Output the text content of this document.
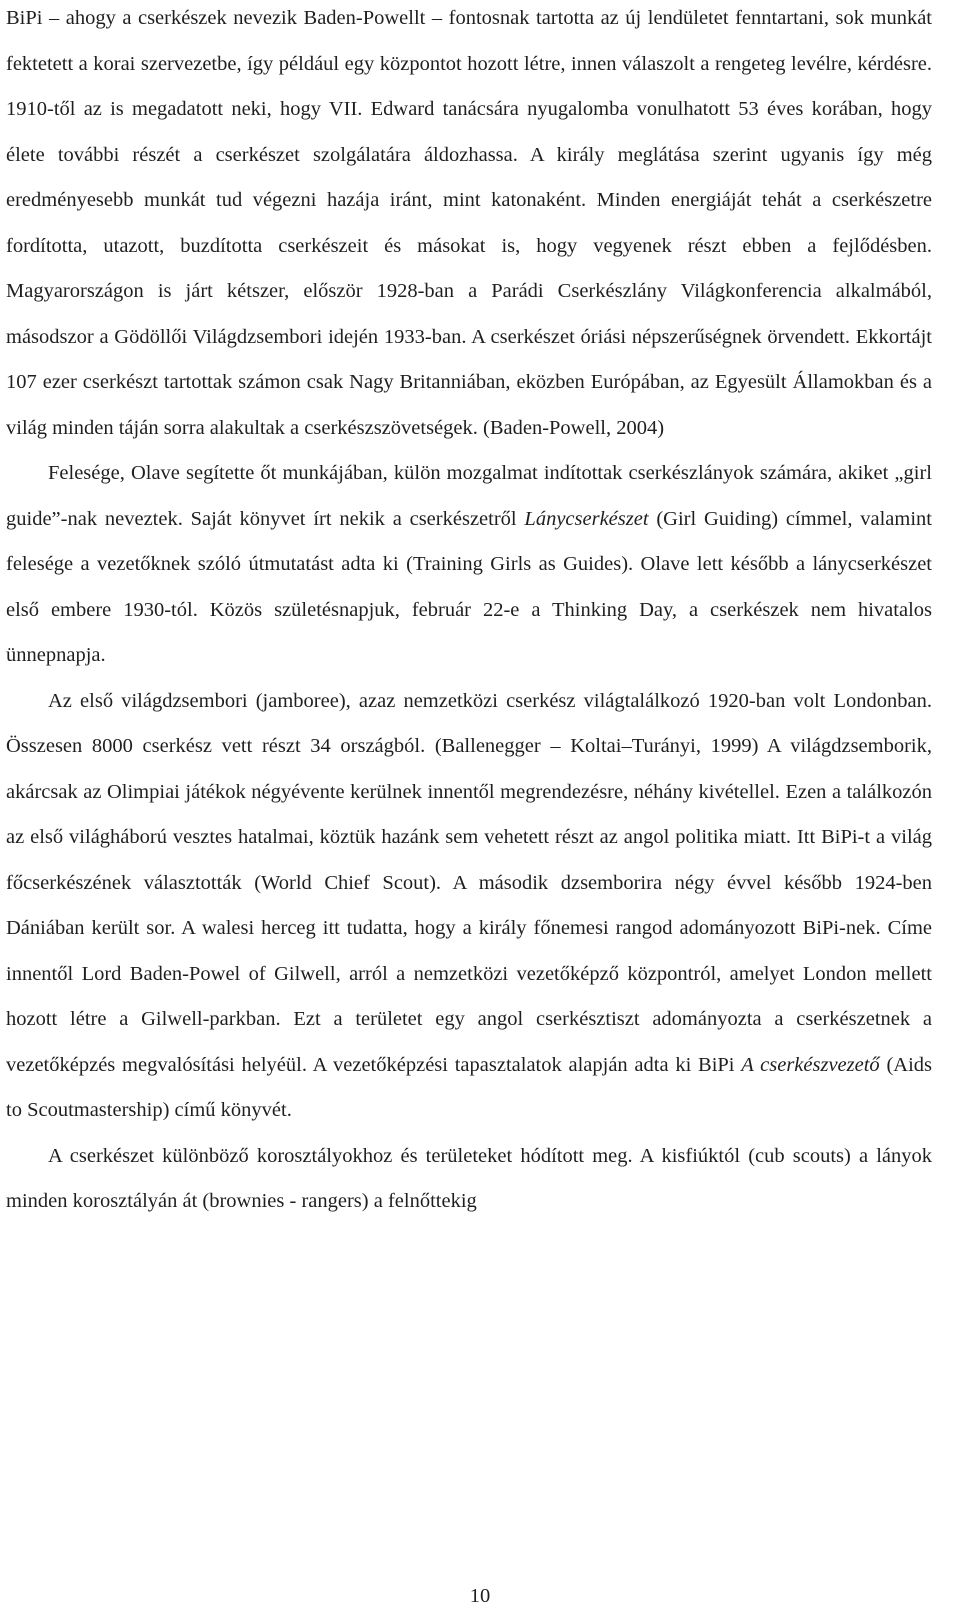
BiPi – ahogy a cserkészek nevezik Baden-Powellt – fontosnak tartotta az új lendületet fenntartani, sok munkát fektetett a korai szervezetbe, így például egy központot hozott létre, innen válaszolt a rengeteg levélre, kérdésre. 1910-től az is megadatott neki, hogy VII. Edward tanácsára nyugalomba vonulhatott 53 éves korában, hogy élete további részét a cserkészet szolgálatára áldozhassa. A király meglátása szerint ugyanis így még eredményesebb munkát tud végezni hazája iránt, mint katonaként. Minden energiáját tehát a cserkészetre fordította, utazott, buzdította cserkészeit és másokat is, hogy vegyenek részt ebben a fejlődésben. Magyarországon is járt kétszer, először 1928-ban a Parádi Cserkészlány Világkonferencia alkalmából, másodszor a Gödöllői Világdzsembori idején 1933-ban. A cserkészet óriási népszerűségnek örvendett. Ekkortájt 107 ezer cserkészt tartottak számon csak Nagy Britanniában, eközben Európában, az Egyesült Államokban és a világ minden táján sorra alakultak a cserkészszövetségek. (Baden-Powell, 2004)

Felesége, Olave segítette őt munkájában, külön mozgalmat indítottak cserkészlányok számára, akiket „girl guide”-nak neveztek. Saját könyvet írt nekik a cserkészetről Lánycserkészet (Girl Guiding) címmel, valamint felesége a vezetőknek szóló útmutatást adta ki (Training Girls as Guides). Olave lett később a lánycserkészet első embere 1930-tól. Közös születésnapjuk, február 22-e a Thinking Day, a cserkészek nem hivatalos ünnepnapja.

Az első világdzsembori (jamboree), azaz nemzetközi cserkész világtalálkozó 1920-ban volt Londonban. Összesen 8000 cserkész vett részt 34 országból. (Ballenegger – Koltai–Turányi, 1999) A világdzsemborik, akárcsak az Olimpiai játékok négyévente kerülnek innentől megrendezésre, néhány kivétellel. Ezen a találkozón az első világháború vesztes hatalmai, köztük hazánk sem vehetett részt az angol politika miatt. Itt BiPi-t a világ főcserkészének választották (World Chief Scout). A második dzsemborira négy évvel később 1924-ben Dániában került sor. A walesi herceg itt tudatta, hogy a király főnemesi rangod adományozott BiPi-nek. Címe innentől Lord Baden-Powel of Gilwell, arról a nemzetközi vezetőképző központról, amelyet London mellett hozott létre a Gilwell-parkban. Ezt a területet egy angol cserkésztiszt adományozta a cserkészetnek a vezetőképzés megvalósítási helyéül. A vezetőképzési tapasztalatok alapján adta ki BiPi A cserkészvezető (Aids to Scoutmastership) című könyvét.

A cserkészet különböző korosztályokhoz és területeket hódított meg. A kisfiúktól (cub scouts) a lányok minden korosztályán át (brownies - rangers) a felnőttekig

10
